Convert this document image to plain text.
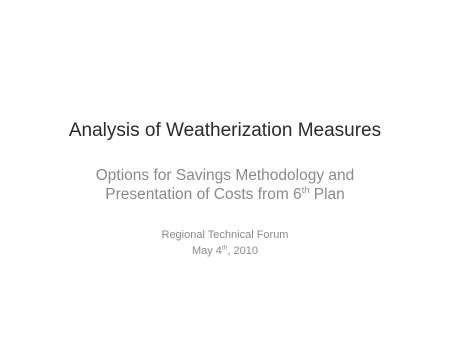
Analysis of Weatherization Measures
Options for Savings Methodology and
Presentation of Costs from 6th Plan
Regional Technical Forum
May 4th, 2010
